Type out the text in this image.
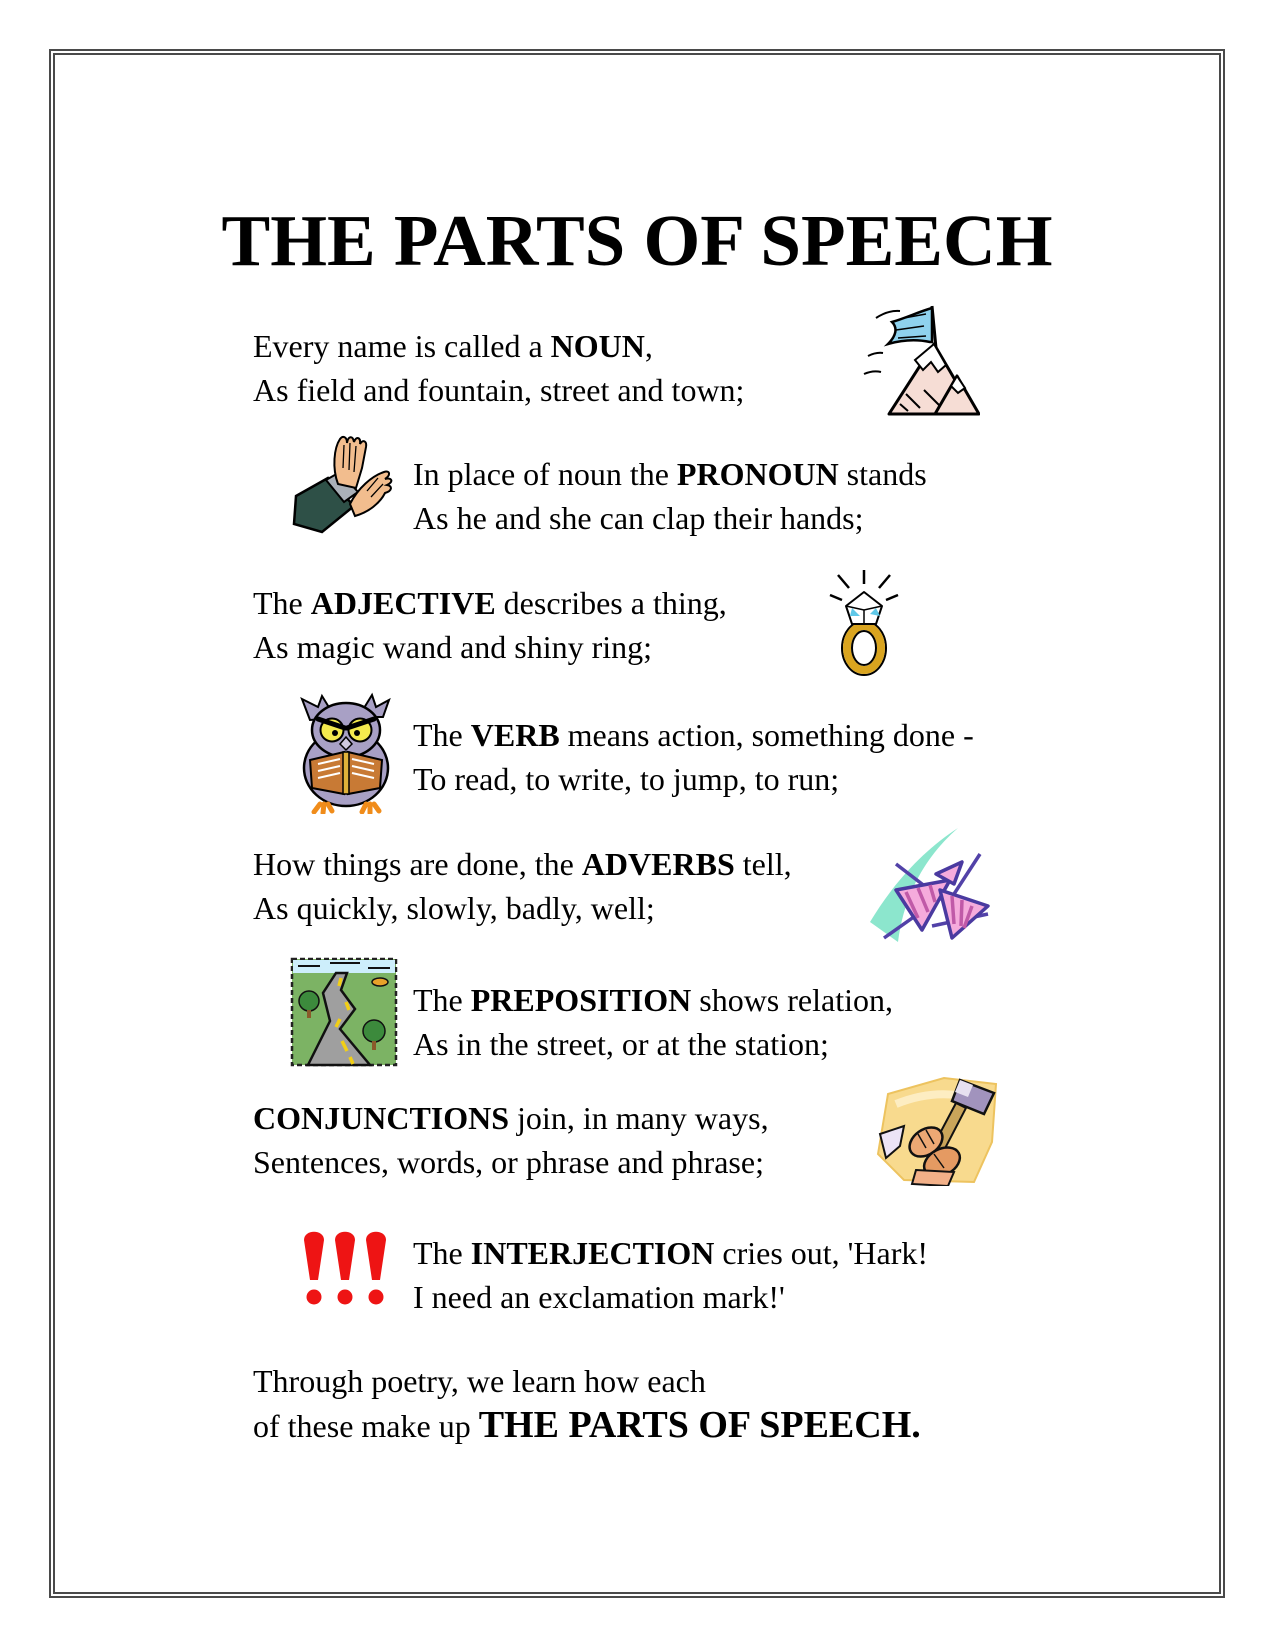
THE PARTS OF SPEECH

Every name is called a NOUN,

As field and fountain, street and town;

In place of noun the PRONOUN stands

As he and she can clap their hands;

The ADJECTIVE describes a thing,

As magic wand and shiny ring;

The VERB means action, something done -

To read, to write, to jump, to run;

How things are done, the ADVERBS tell,

As quickly, slowly, badly, well;

The PREPOSITION shows relation,

As in the street, or at the station;

CONJUNCTIONS join, in many ways,

Sentences, words, or phrase and phrase;

The INTERJECTION cries out, 'Hark!

I need an exclamation mark!'

Through poetry, we learn how each

of these make up THE PARTS OF SPEECH.
